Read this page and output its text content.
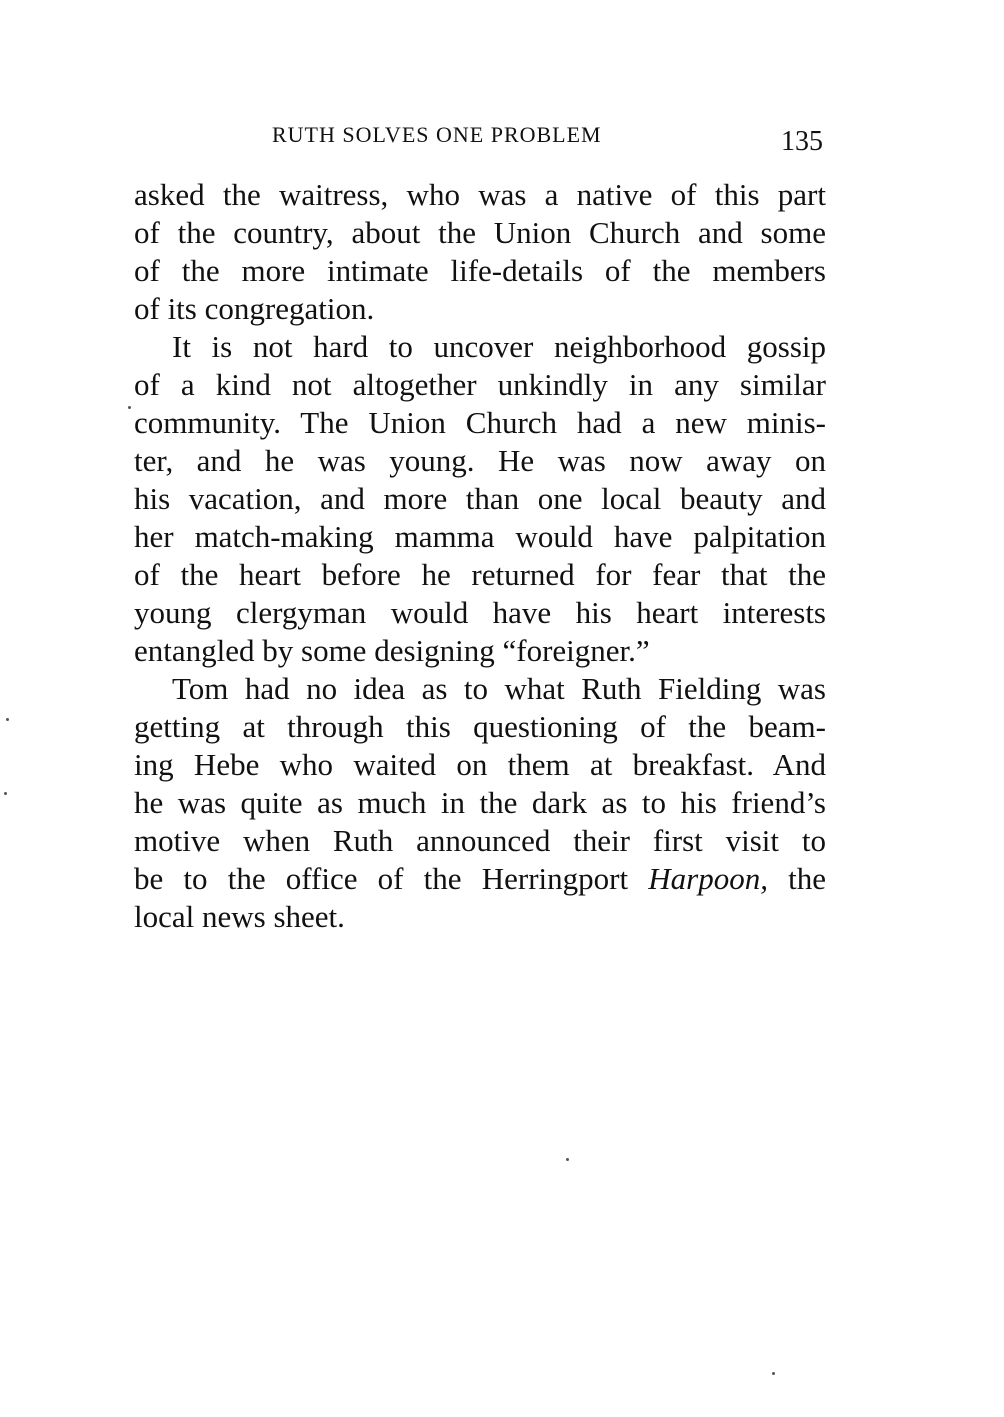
RUTH SOLVES ONE PROBLEM	135
asked the waitress, who was a native of this part
of the country, about the Union Church and some
of the more intimate life-details of the members
of its congregation.
It is not hard to uncover neighborhood gossip
of a kind not altogether unkindly in any similar
community. The Union Church had a new minis-
ter, and he was young. He was now away on
his vacation, and more than one local beauty and
her match-making mamma would have palpitation
of the heart before he returned for fear that the
young clergyman would have his heart interests
entangled by some designing “foreigner.”
Tom had no idea as to what Ruth Fielding was
getting at through this questioning of the beam-
ing Hebe who waited on them at breakfast. And
he was quite as much in the dark as to his friend’s
motive when Ruth announced their first visit to
be to the office of the Herringport Harpoon, the
local news sheet.
